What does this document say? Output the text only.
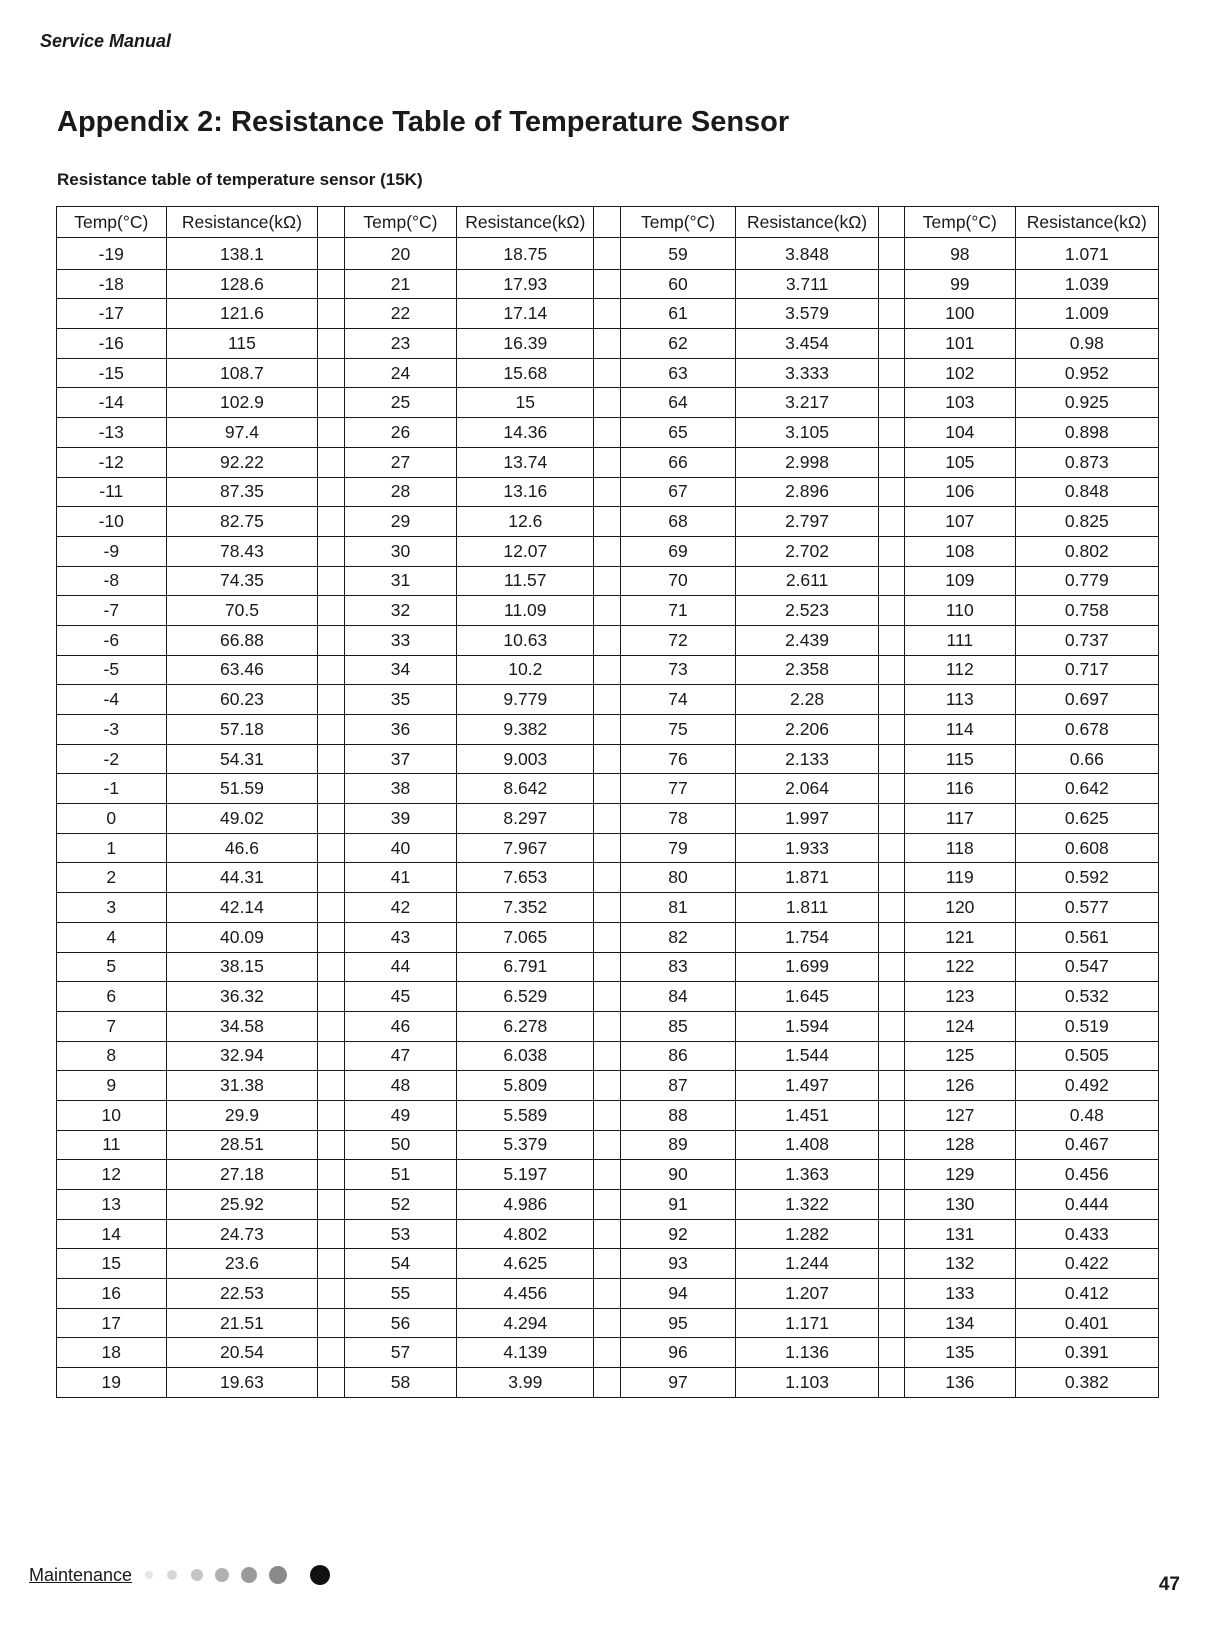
Service Manual
Appendix 2: Resistance Table of Temperature Sensor
Resistance table of temperature sensor (15K)
Temp(°C)	Resistance(kΩ)		Temp(°C)	Resistance(kΩ)		Temp(°C)	Resistance(kΩ)		Temp(°C)	Resistance(kΩ)
-19	138.1		20	18.75		59	3.848		98	1.071
-18	128.6		21	17.93		60	3.711		99	1.039
-17	121.6		22	17.14		61	3.579		100	1.009
-16	115		23	16.39		62	3.454		101	0.98
-15	108.7		24	15.68		63	3.333		102	0.952
-14	102.9		25	15		64	3.217		103	0.925
-13	97.4		26	14.36		65	3.105		104	0.898
-12	92.22		27	13.74		66	2.998		105	0.873
-11	87.35		28	13.16		67	2.896		106	0.848
-10	82.75		29	12.6		68	2.797		107	0.825
-9	78.43		30	12.07		69	2.702		108	0.802
-8	74.35		31	11.57		70	2.611		109	0.779
-7	70.5		32	11.09		71	2.523		110	0.758
-6	66.88		33	10.63		72	2.439		111	0.737
-5	63.46		34	10.2		73	2.358		112	0.717
-4	60.23		35	9.779		74	2.28		113	0.697
-3	57.18		36	9.382		75	2.206		114	0.678
-2	54.31		37	9.003		76	2.133		115	0.66
-1	51.59		38	8.642		77	2.064		116	0.642
0	49.02		39	8.297		78	1.997		117	0.625
1	46.6		40	7.967		79	1.933		118	0.608
2	44.31		41	7.653		80	1.871		119	0.592
3	42.14		42	7.352		81	1.811		120	0.577
4	40.09		43	7.065		82	1.754		121	0.561
5	38.15		44	6.791		83	1.699		122	0.547
6	36.32		45	6.529		84	1.645		123	0.532
7	34.58		46	6.278		85	1.594		124	0.519
8	32.94		47	6.038		86	1.544		125	0.505
9	31.38		48	5.809		87	1.497		126	0.492
10	29.9		49	5.589		88	1.451		127	0.48
11	28.51		50	5.379		89	1.408		128	0.467
12	27.18		51	5.197		90	1.363		129	0.456
13	25.92		52	4.986		91	1.322		130	0.444
14	24.73		53	4.802		92	1.282		131	0.433
15	23.6		54	4.625		93	1.244		132	0.422
16	22.53		55	4.456		94	1.207		133	0.412
17	21.51		56	4.294		95	1.171		134	0.401
18	20.54		57	4.139		96	1.136		135	0.391
19	19.63		58	3.99		97	1.103		136	0.382
Maintenance	47
